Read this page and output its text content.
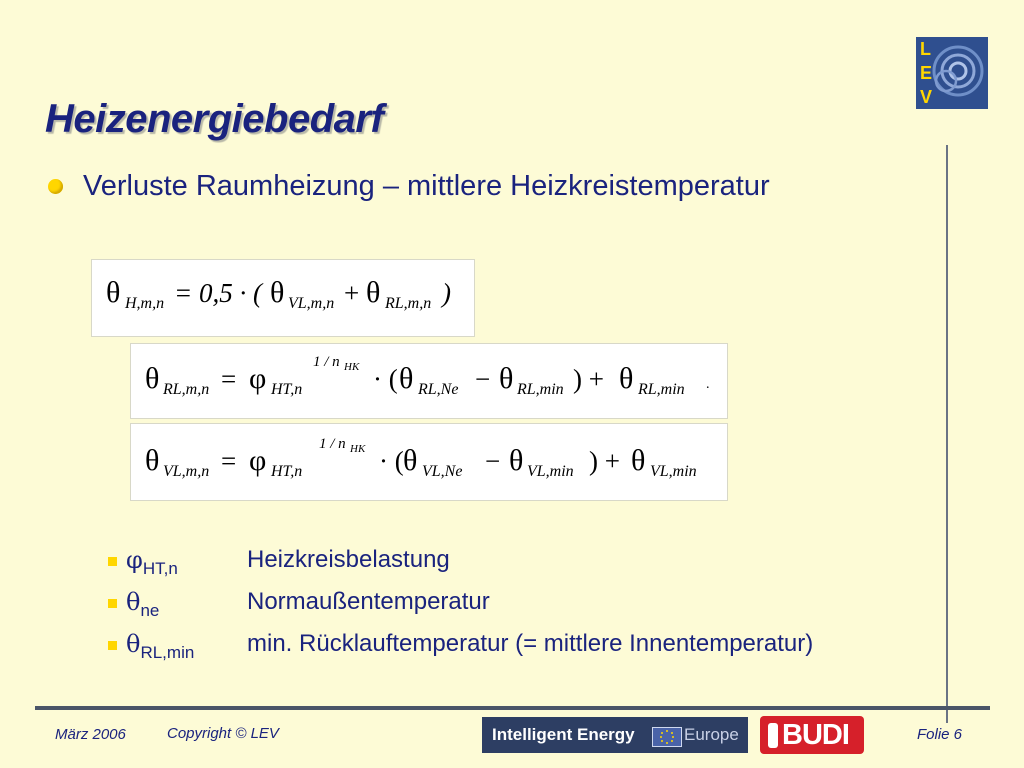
Heizenergiebedarf
L
E
V
Verluste Raumheizung – mittlere Heizkreistemperatur
θ H,m,n = 0,5 · ( θ VL,m,n + θ RL,m,n )
θ RL,m,n = φ HT,n
1 / n HK · ( θ RL,Ne − θ RL,min ) + θ RL,min .
θ VL,m,n = φ HT,n
1 / n HK · ( θ VL,Ne − θ VL,min ) + θ VL,min
$\varphi_{HT,n}$	Heizkreisbelastung
$\theta_{ne}$	Normaußentemperatur
$\theta_{RL,min}$ min. Rücklauftemperatur (= mittlere Innentemperatur)
März 2006	Copyright © LEV	Intelligent Energy	Europe BUDI	Folie 6
